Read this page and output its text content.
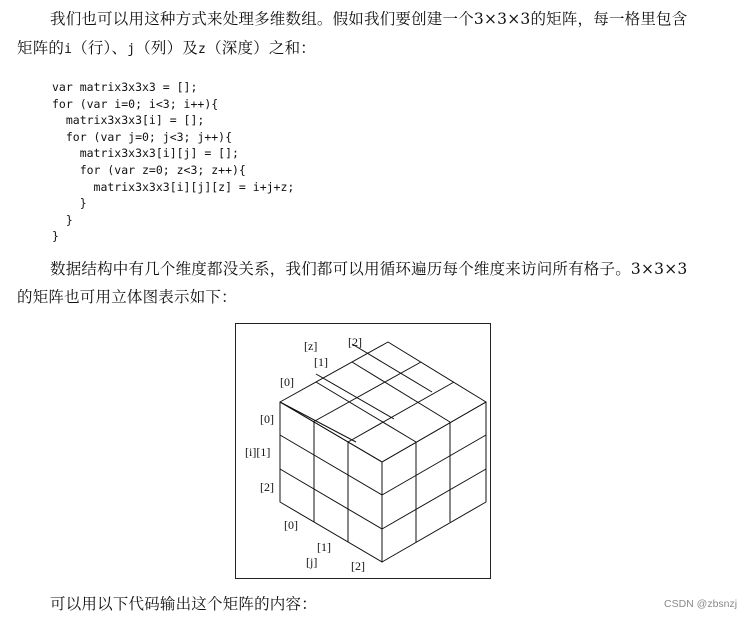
我们也可以用这种方式来处理多维数组。假如我们要创建一个3×3×3的矩阵，每一格里包含
矩阵的i（行）、j（列）及z（深度）之和：
var matrix3x3x3 = [];
for (var i=0; i<3; i++){
matrix3x3x3[i] = [];
for (var j=0; j<3; j++){
matrix3x3x3[i][j] = [];
for (var z=0; z<3; z++){
matrix3x3x3[i][j][z] = i+j+z;
}
}
}
数据结构中有几个维度都没关系，我们都可以用循环遍历每个维度来访问所有格子。3×3×3
的矩阵也可用立体图表示如下：
[z]	[2]
[1]
[0]
[0]
[i][1]
[2]
[0]
[1]
[j]	[2]
可以用以下代码输出这个矩阵的内容：	CSDN @zbsnzj
